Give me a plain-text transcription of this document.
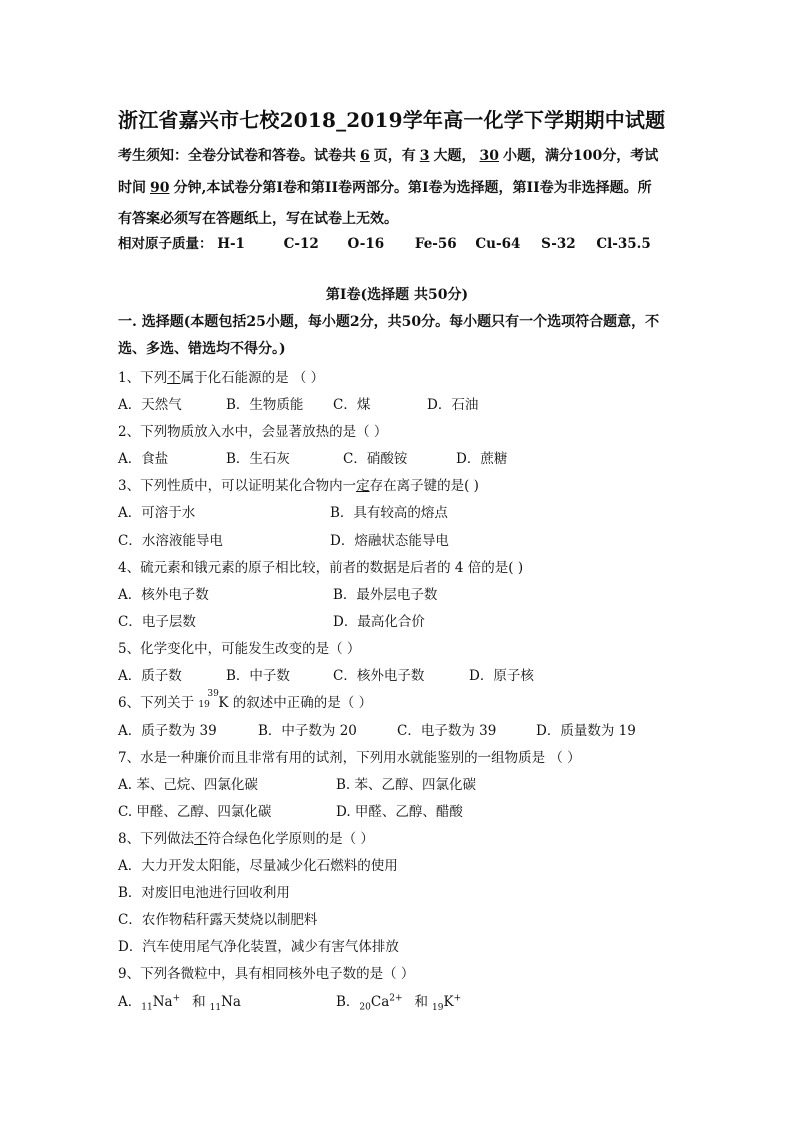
浙江省嘉兴市七校2018_2019学年高一化学下学期期中试题
考生须知：全卷分试卷和答卷。试卷共 6 页，有 3 大题， 30 小题，满分100分，考试
时间 90 分钟,本试卷分第I卷和第II卷两部分。第I卷为选择题，第II卷为非选择题。所
有答案必须写在答题纸上，写在试卷上无效。
相对原子质量： H-1	C-12 O-16 Fe-56 Cu-64 S-32 Cl-35.5
第I卷(选择题 共50分)
一. 选择题(本题包括25小题，每小题2分，共50分。每小题只有一个选项符合题意，不
选、多选、错选均不得分。)
1、下列不属于化石能源的是 （ ）
A．天然气	B．生物质能 C．煤	D．石油
2、下列物质放入水中，会显著放热的是（ ）
A．食盐	B．生石灰	C．硝酸铵	D．蔗糖
3、下列性质中，可以证明某化合物内一定存在离子键的是( )
A．可溶于水	B．具有较高的熔点
C．水溶液能导电	D．熔融状态能导电
4、硫元素和锇元素的原子相比较，前者的数据是后者的 4 倍的是( )
A．核外电子数	B．最外层电子数
C．电子层数	D．最高化合价
5、化学变化中，可能发生改变的是（ ）
A．质子数	B．中子数	C．核外电子数	D．原子核
6、下列关于 19
39
K 的叙述中正确的是（ ）
A．质子数为 39	B．中子数为 20	C．电子数为 39	D．质量数为 19
7、水是一种廉价而且非常有用的试剂，下列用水就能鉴别的一组物质是 （ ）
A. 苯、己烷、四氯化碳	B. 苯、乙醇、四氯化碳
C. 甲醛、乙醇、四氯化碳	D. 甲醛、乙醇、醋酸
8、下列做法不符合绿色化学原则的是（ ）
A．大力开发太阳能，尽量减少化石燃料的使用
B．对废旧电池进行回收利用
C．农作物秸秆露天焚烧以制肥料
D．汽车使用尾气净化装置，减少有害气体排放
9、下列各微粒中，具有相同核外电子数的是（ ）
A．$_{11}$Na+ 和 $_{11}$Na	B．$_{20}Ca^{2+}$ 和 $_{19}$K+
